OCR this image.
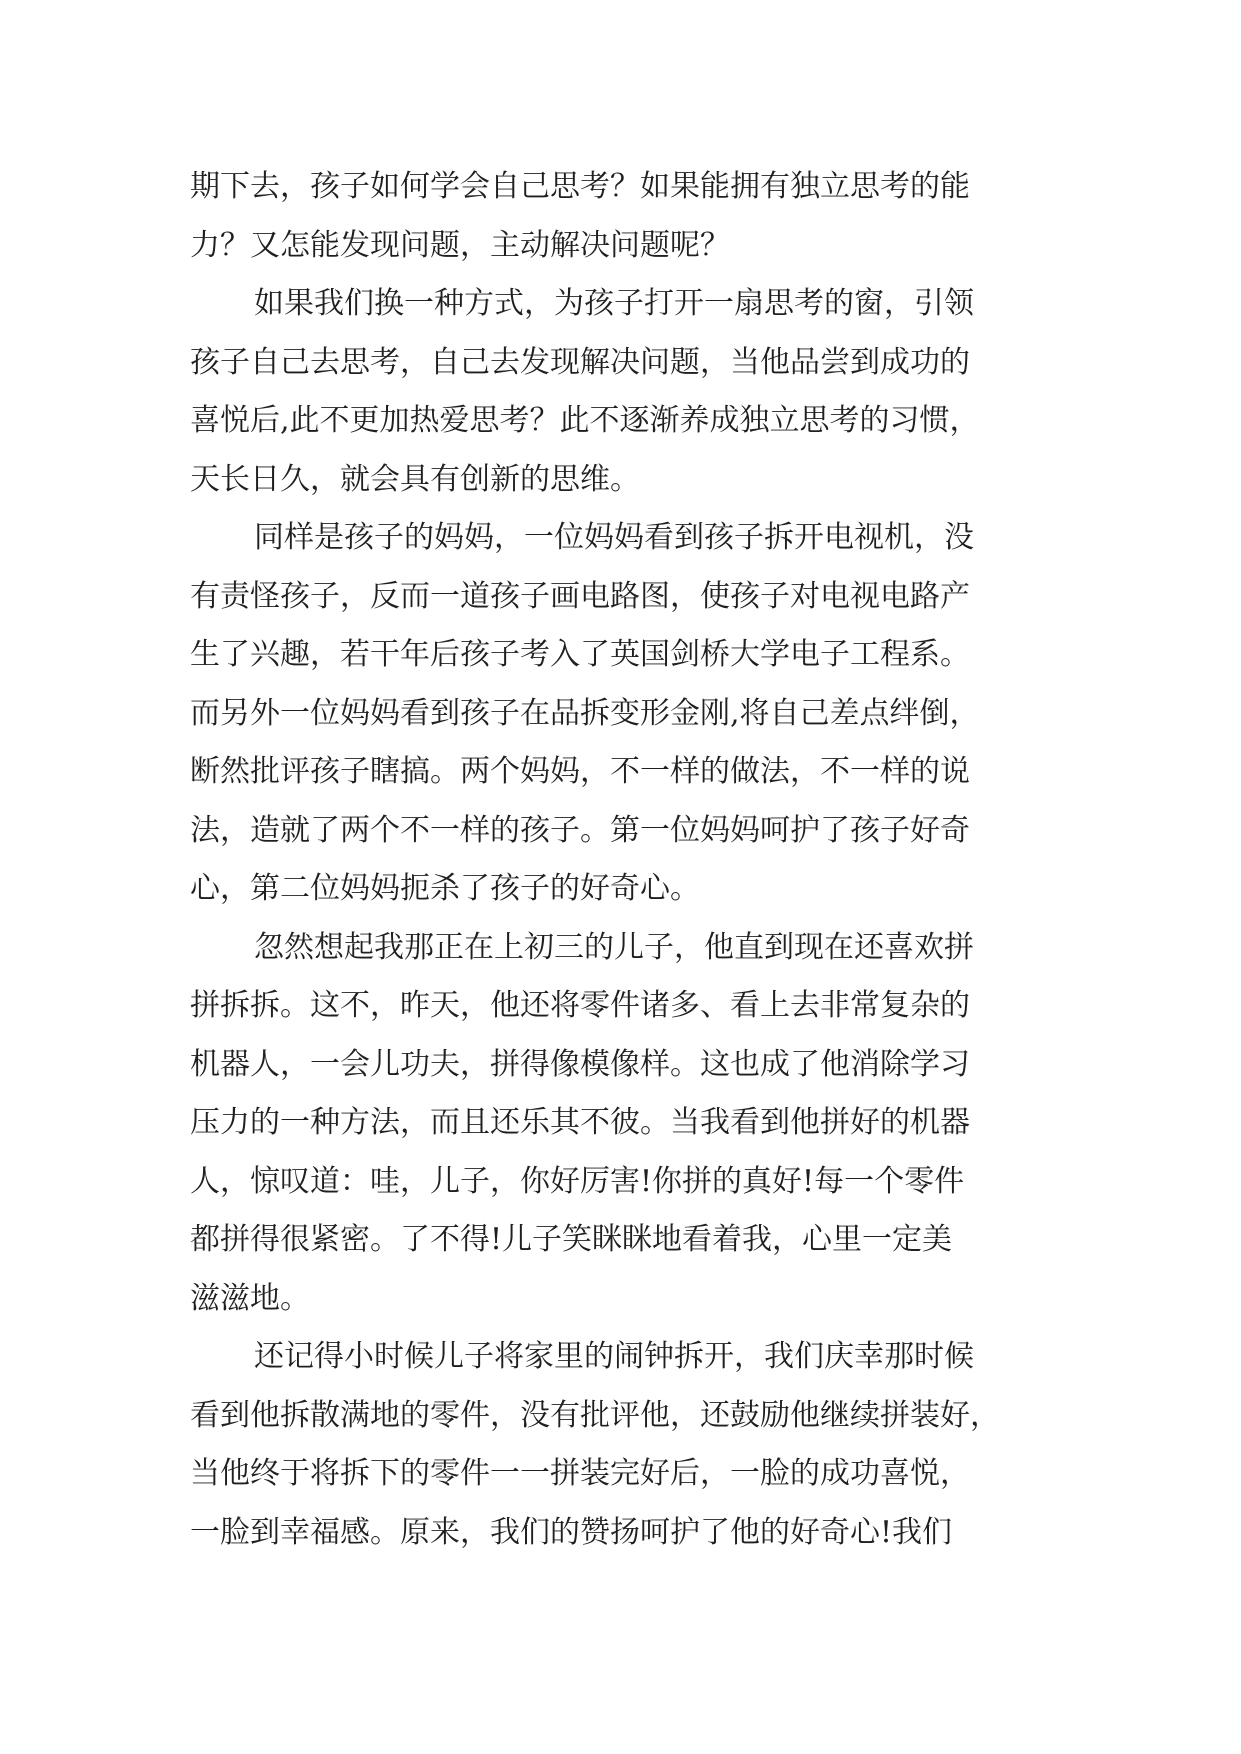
期下去，孩子如何学会自己思考？如果能拥有独立思考的能
力？又怎能发现问题，主动解决问题呢？
如果我们换一种方式，为孩子打开一扇思考的窗，引领
孩子自己去思考，自己去发现解决问题，当他品尝到成功的
喜悦后,此不更加热爱思考？此不逐渐养成独立思考的习惯，
天长日久，就会具有创新的思维。
同样是孩子的妈妈，一位妈妈看到孩子拆开电视机，没
有责怪孩子，反而一道孩子画电路图，使孩子对电视电路产
生了兴趣，若干年后孩子考入了英国剑桥大学电子工程系。
而另外一位妈妈看到孩子在品拆变形金刚,将自己差点绊倒，
断然批评孩子瞎搞。两个妈妈，不一样的做法，不一样的说
法，造就了两个不一样的孩子。第一位妈妈呵护了孩子好奇
心，第二位妈妈扼杀了孩子的好奇心。
忽然想起我那正在上初三的儿子，他直到现在还喜欢拼
拼拆拆。这不，昨天，他还将零件诸多、看上去非常复杂的
机器人，一会儿功夫，拼得像模像样。这也成了他消除学习
压力的一种方法，而且还乐其不彼。当我看到他拼好的机器
人，惊叹道：哇，儿子，你好厉害!你拼的真好!每一个零件
都拼得很紧密。了不得!儿子笑眯眯地看着我，心里一定美
滋滋地。
还记得小时候儿子将家里的闹钟拆开，我们庆幸那时候
看到他拆散满地的零件，没有批评他，还鼓励他继续拼装好，
当他终于将拆下的零件一一拼装完好后，一脸的成功喜悦，
一脸到幸福感。原来，我们的赞扬呵护了他的好奇心!我们
